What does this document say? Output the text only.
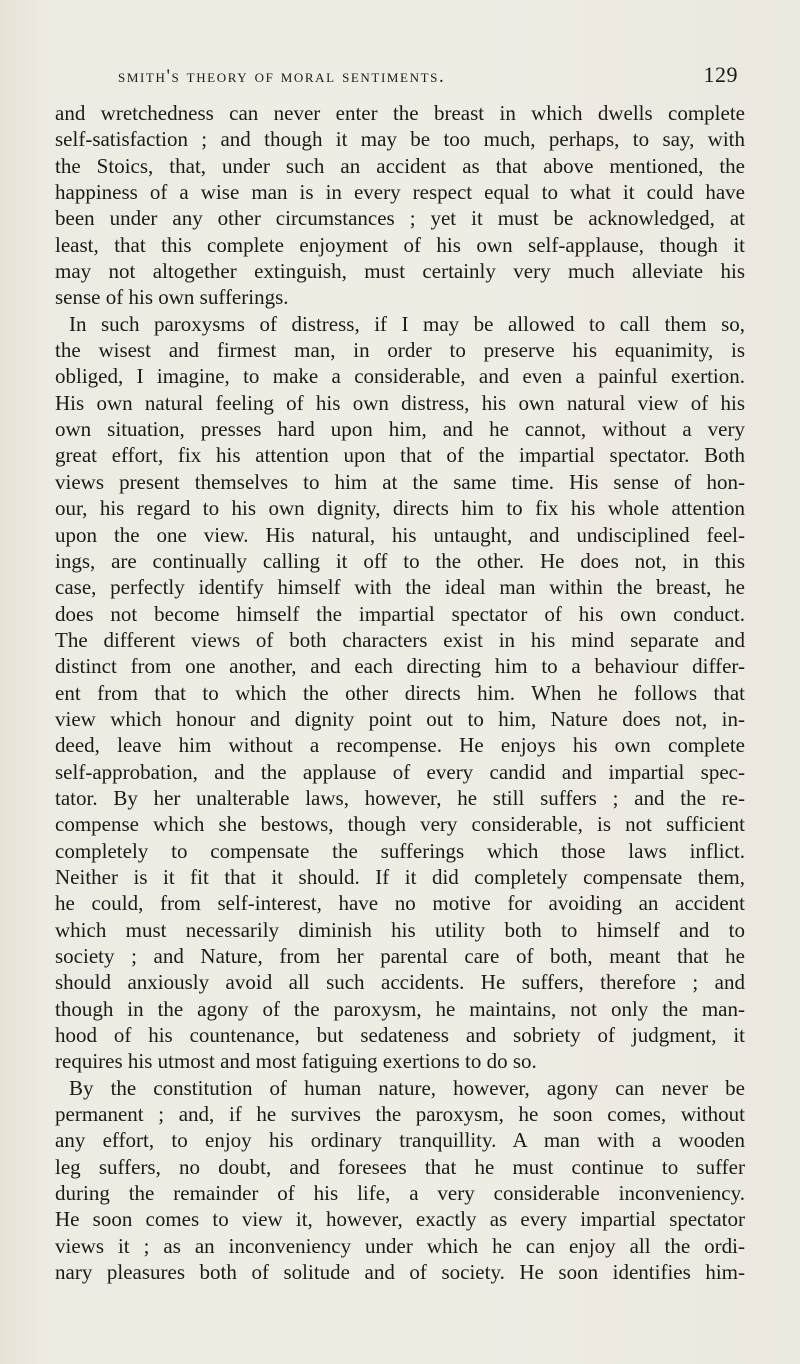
smith's theory of moral sentiments.	129
and wretchedness can never enter the breast in which dwells complete
self-satisfaction ; and though it may be too much, perhaps, to say, with
the Stoics, that, under such an accident as that above mentioned, the
happiness of a wise man is in every respect equal to what it could have
been under any other circumstances ; yet it must be acknowledged, at
least, that this complete enjoyment of his own self-applause, though it
may not altogether extinguish, must certainly very much alleviate his
sense of his own sufferings.
In such paroxysms of distress, if I may be allowed to call them so,
the wisest and firmest man, in order to preserve his equanimity, is
obliged, I imagine, to make a considerable, and even a painful exertion.
His own natural feeling of his own distress, his own natural view of his
own situation, presses hard upon him, and he cannot, without a very
great effort, fix his attention upon that of the impartial spectator. Both
views present themselves to him at the same time. His sense of hon-
our, his regard to his own dignity, directs him to fix his whole attention
upon the one view. His natural, his untaught, and undisciplined feel-
ings, are continually calling it off to the other. He does not, in this
case, perfectly identify himself with the ideal man within the breast, he
does not become himself the impartial spectator of his own conduct.
The different views of both characters exist in his mind separate and
distinct from one another, and each directing him to a behaviour differ-
ent from that to which the other directs him. When he follows that
view which honour and dignity point out to him, Nature does not, in-
deed, leave him without a recompense. He enjoys his own complete
self-approbation, and the applause of every candid and impartial spec-
tator. By her unalterable laws, however, he still suffers ; and the re-
compense which she bestows, though very considerable, is not sufficient
completely to compensate the sufferings which those laws inflict.
Neither is it fit that it should. If it did completely compensate them,
he could, from self-interest, have no motive for avoiding an accident
which must necessarily diminish his utility both to himself and to
society ; and Nature, from her parental care of both, meant that he
should anxiously avoid all such accidents. He suffers, therefore ; and
though in the agony of the paroxysm, he maintains, not only the man-
hood of his countenance, but sedateness and sobriety of judgment, it
requires his utmost and most fatiguing exertions to do so.
By the constitution of human nature, however, agony can never be
permanent ; and, if he survives the paroxysm, he soon comes, without
any effort, to enjoy his ordinary tranquillity. A man with a wooden
leg suffers, no doubt, and foresees that he must continue to suffer
during the remainder of his life, a very considerable inconveniency.
He soon comes to view it, however, exactly as every impartial spectator
views it ; as an inconveniency under which he can enjoy all the ordi-
nary pleasures both of solitude and of society. He soon identifies him-
